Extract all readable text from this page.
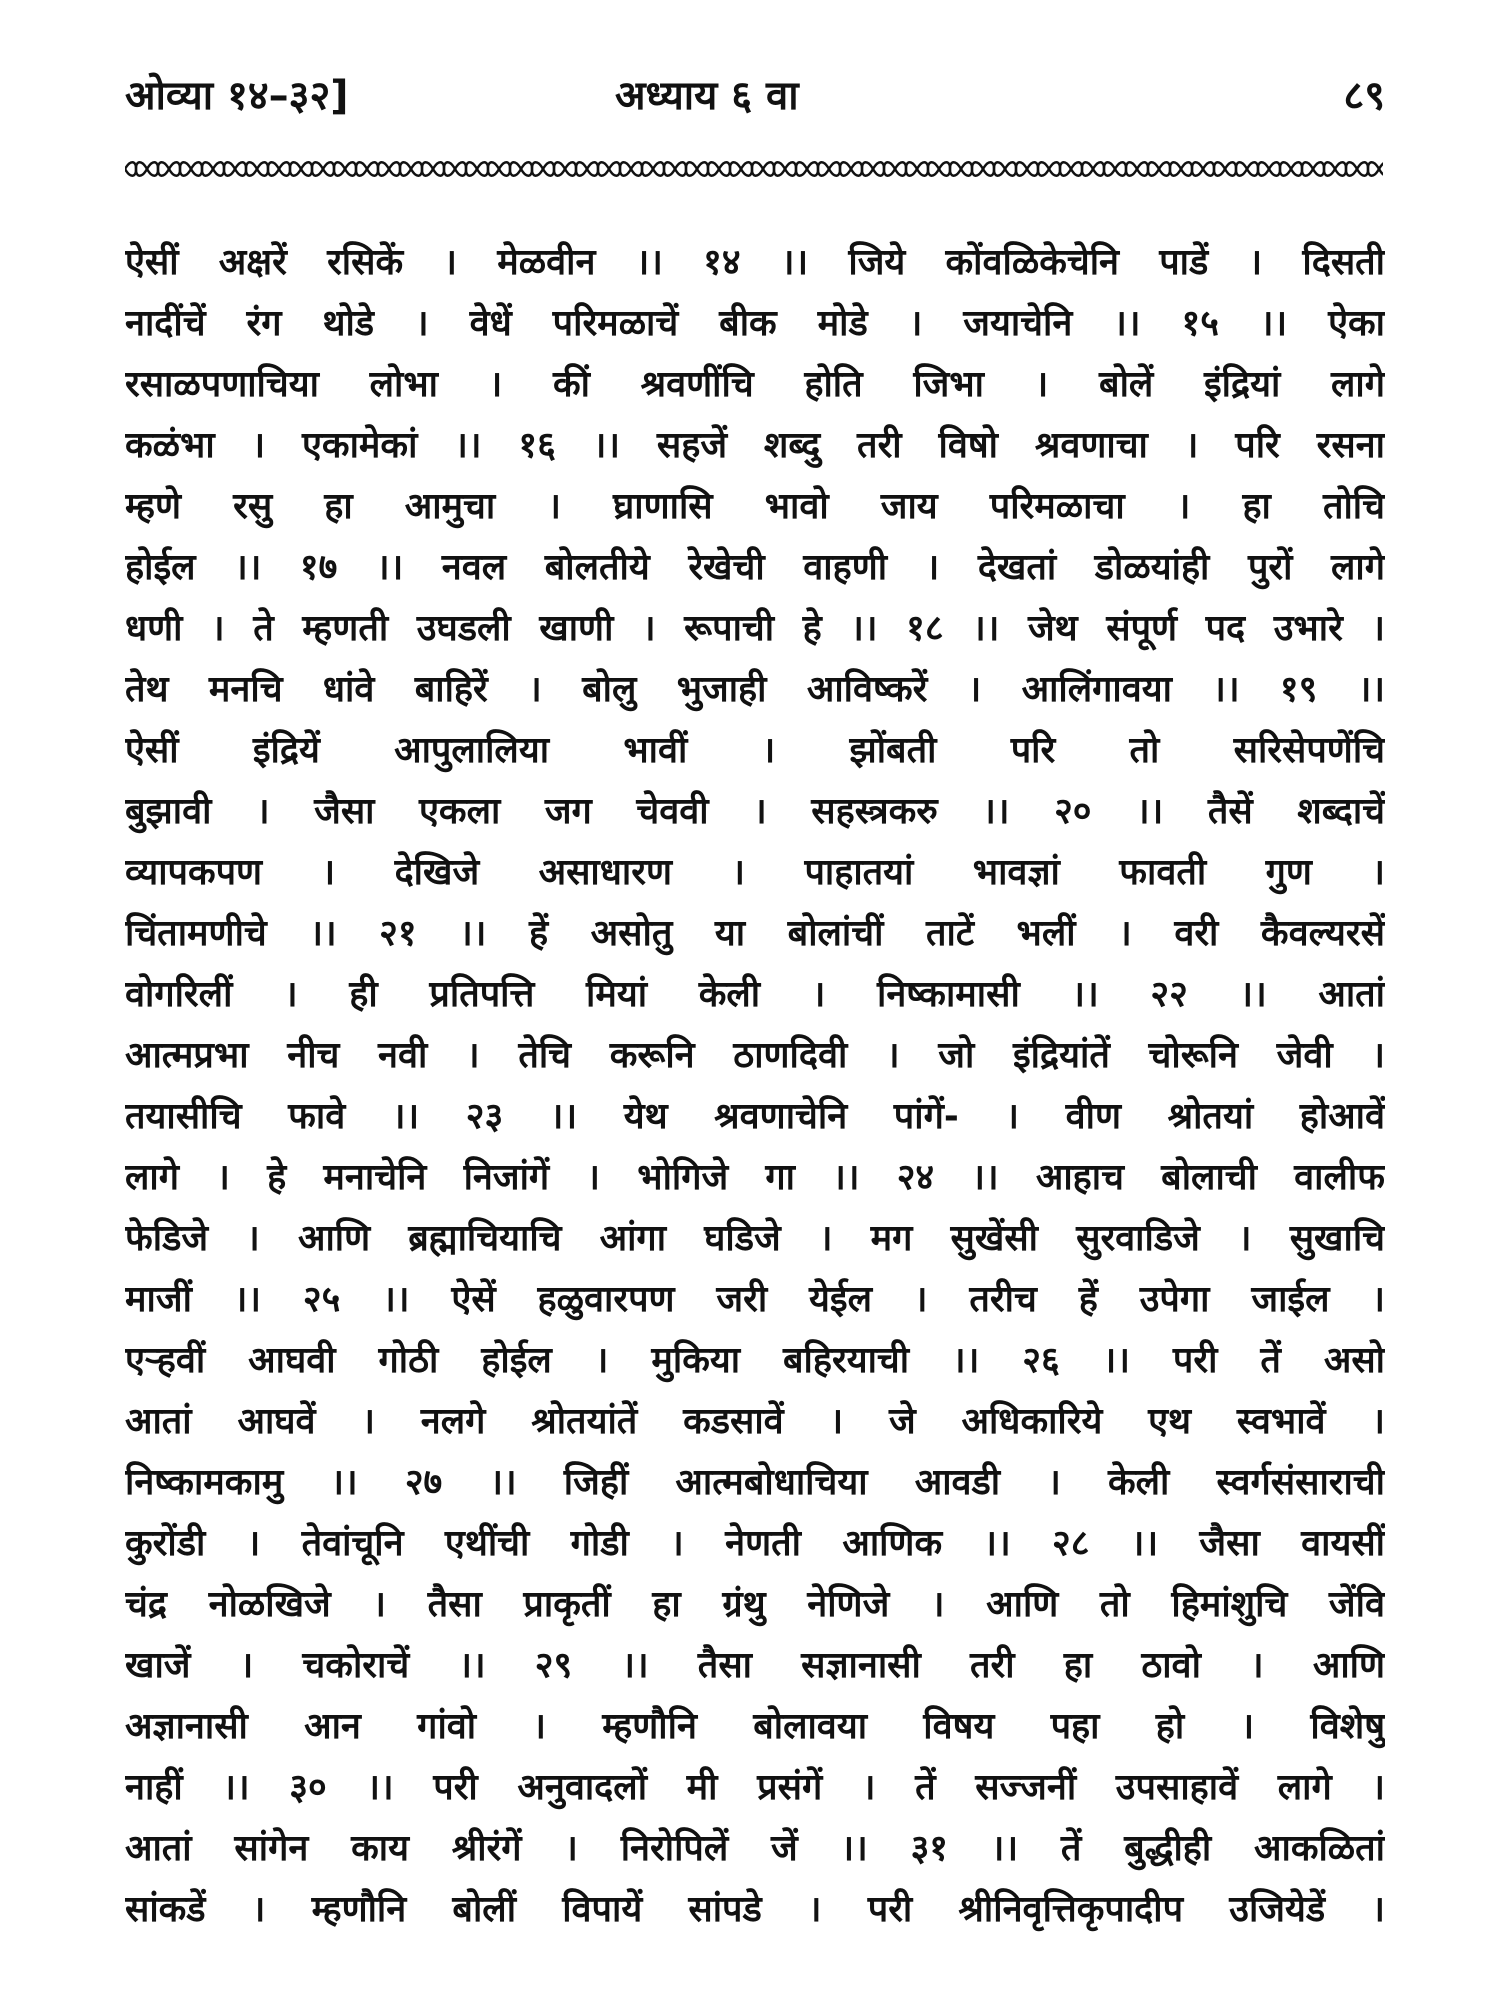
ओव्या १४–३२]	अध्याय ६ वा	८९
ऐसीं अक्षरें रसिकें । मेळवीन ।। १४ ।। जिये कोंवळिकेचेनि पाडें । दिसती
नादींचें रंग थोडे । वेधें परिमळाचें बीक मोडे । जयाचेनि ।। १५ ।। ऐका
रसाळपणाचिया लोभा । कीं श्रवणींचि होति जिभा । बोलें इंद्रियां लागे
कळंभा । एकामेकां ।। १६ ।। सहजें शब्दु तरी विषो श्रवणाचा । परि रसना
म्हणे रसु हा आमुचा । घ्राणासि भावो जाय परिमळाचा । हा तोचि
होईल ।। १७ ।। नवल बोलतीये रेखेची वाहणी । देखतां डोळयांही पुरों लागे
धणी । ते म्हणती उघडली खाणी । रूपाची हे ।। १८ ।। जेथ संपूर्ण पद उभारे ।
तेथ मनचि धांवे बाहिरें । बोलु भुजाही आविष्करें । आलिंगावया ।। १९ ।।
ऐसीं इंद्रियें आपुलालिया भावीं । झोंबती परि तो सरिसेपणेंचि
बुझावी । जैसा एकला जग चेववी । सहस्त्रकरु ।। २० ।। तैसें शब्दाचें
व्यापकपण । देखिजे असाधारण । पाहातयां भावज्ञां फावती गुण ।
चिंतामणीचे ।। २१ ।। हें असोतु या बोलांचीं ताटें भलीं । वरी कैवल्यरसें
वोगरिलीं । ही प्रतिपत्ति मियां केली । निष्कामासी ।। २२ ।। आतां
आत्मप्रभा नीच नवी । तेचि करूनि ठाणदिवी । जो इंद्रियांतें चोरूनि जेवी ।
तयासीचि फावे ।। २३ ।। येथ श्रवणाचेनि पांगें- । वीण श्रोतयां होआवें
लागे । हे मनाचेनि निजांगें । भोगिजे गा ।। २४ ।। आहाच बोलाची वालीफ
फेडिजे । आणि ब्रह्माचियाचि आंगा घडिजे । मग सुखेंसी सुरवाडिजे । सुखाचि
माजीं ।। २५ ।। ऐसें हळुवारपण जरी येईल । तरीच हें उपेगा जाईल ।
एर्‍हवीं आघवी गोठी होईल । मुकिया बहिरयाची ।। २६ ।। परी तें असो
आतां आघवें । नलगे श्रोतयांतें कडसावें । जे अधिकारिये एथ स्वभावें ।
निष्कामकामु ।। २७ ।। जिहीं आत्मबोधाचिया आवडी । केली स्वर्गसंसाराची
कुरोंडी । तेवांचूनि एथींची गोडी । नेणती आणिक ।। २८ ।। जैसा वायसीं
चंद्र नोळखिजे । तैसा प्राकृतीं हा ग्रंथु नेणिजे । आणि तो हिमांशुचि जेंवि
खाजें । चकोराचें ।। २९ ।। तैसा सज्ञानासी तरी हा ठावो । आणि
अज्ञानासी आन गांवो । म्हणौनि बोलावया विषय पहा हो । विशेषु
नाहीं ।। ३० ।। परी अनुवादलों मी प्रसंगें । तें सज्जनीं उपसाहावें लागे ।
आतां सांगेन काय श्रीरंगें । निरोपिलें जें ।। ३१ ।। तें बुद्धीही आकळितां
सांकडें । म्हणौनि बोलीं विपायें सांपडे । परी श्रीनिवृत्तिकृपादीप उजियेडें ।
